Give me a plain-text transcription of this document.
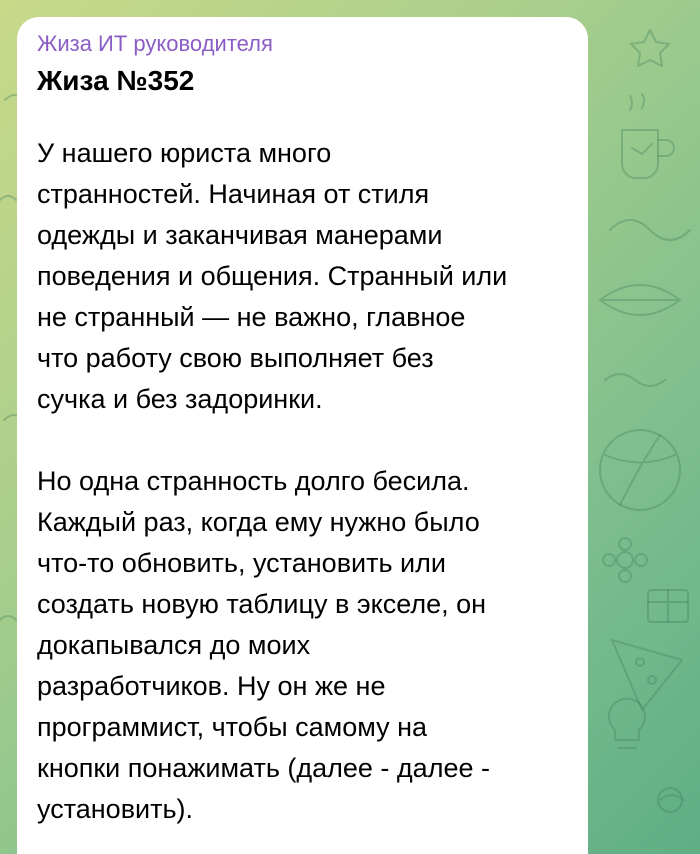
Жиза ИТ руководителя
Жиза №352
У нашего юриста много
странностей. Начиная от стиля
одежды и заканчивая манерами
поведения и общения. Странный или
не странный — не важно, главное
что работу свою выполняет без
сучка и без задоринки.
Но одна странность долго бесила.
Каждый раз, когда ему нужно было
что-то обновить, установить или
создать новую таблицу в экселе, он
докапывался до моих
разработчиков. Ну он же не
программист, чтобы самому на
кнопки понажимать (далее - далее -
установить).
